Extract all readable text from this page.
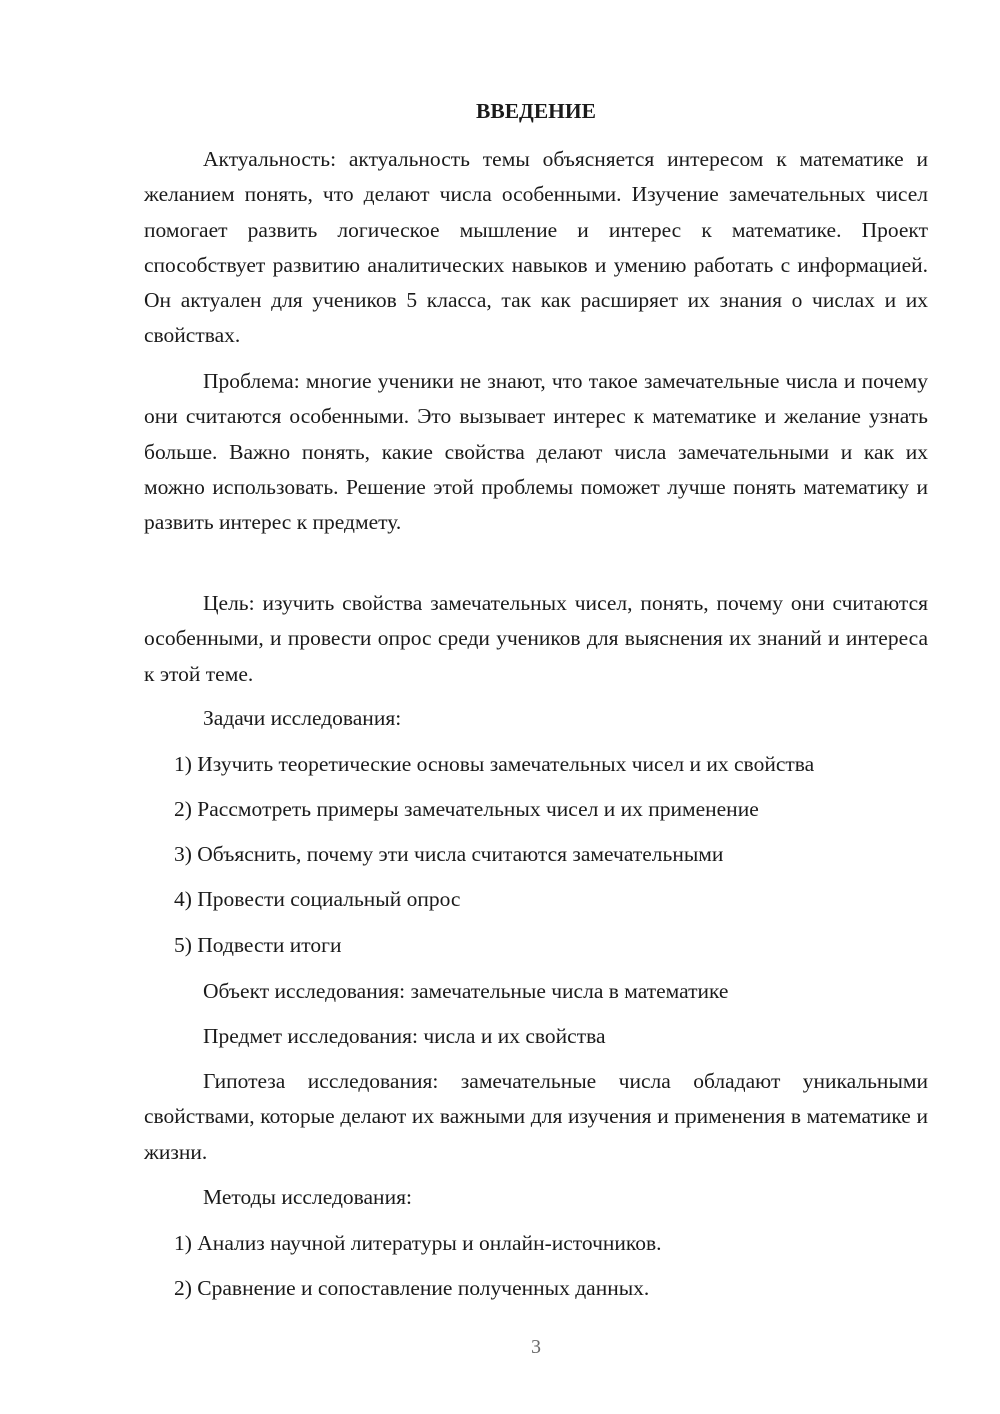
ВВЕДЕНИЕ

Актуальность: актуальность темы объясняется интересом к математике и желанием понять, что делают числа особенными. Изучение замечательных чисел помогает развить логическое мышление и интерес к математике. Проект способствует развитию аналитических навыков и умению работать с информацией. Он актуален для учеников 5 класса, так как расширяет их знания о числах и их свойствах.

Проблема: многие ученики не знают, что такое замечательные числа и почему они считаются особенными. Это вызывает интерес к математике и желание узнать больше. Важно понять, какие свойства делают числа замечательными и как их можно использовать. Решение этой проблемы поможет лучше понять математику и развить интерес к предмету.

Цель: изучить свойства замечательных чисел, понять, почему они считаются особенными, и провести опрос среди учеников для выяснения их знаний и интереса к этой теме.

Задачи исследования:

1) Изучить теоретические основы замечательных чисел и их свойства

2) Рассмотреть примеры замечательных чисел и их применение

3) Объяснить, почему эти числа считаются замечательными

4) Провести социальный опрос

5) Подвести итоги

Объект исследования: замечательные числа в математике

Предмет исследования: числа и их свойства

Гипотеза исследования: замечательные числа обладают уникальными свойствами, которые делают их важными для изучения и применения в математике и жизни.

Методы исследования:

1) Анализ научной литературы и онлайн-источников.

2) Сравнение и сопоставление полученных данных.

3
